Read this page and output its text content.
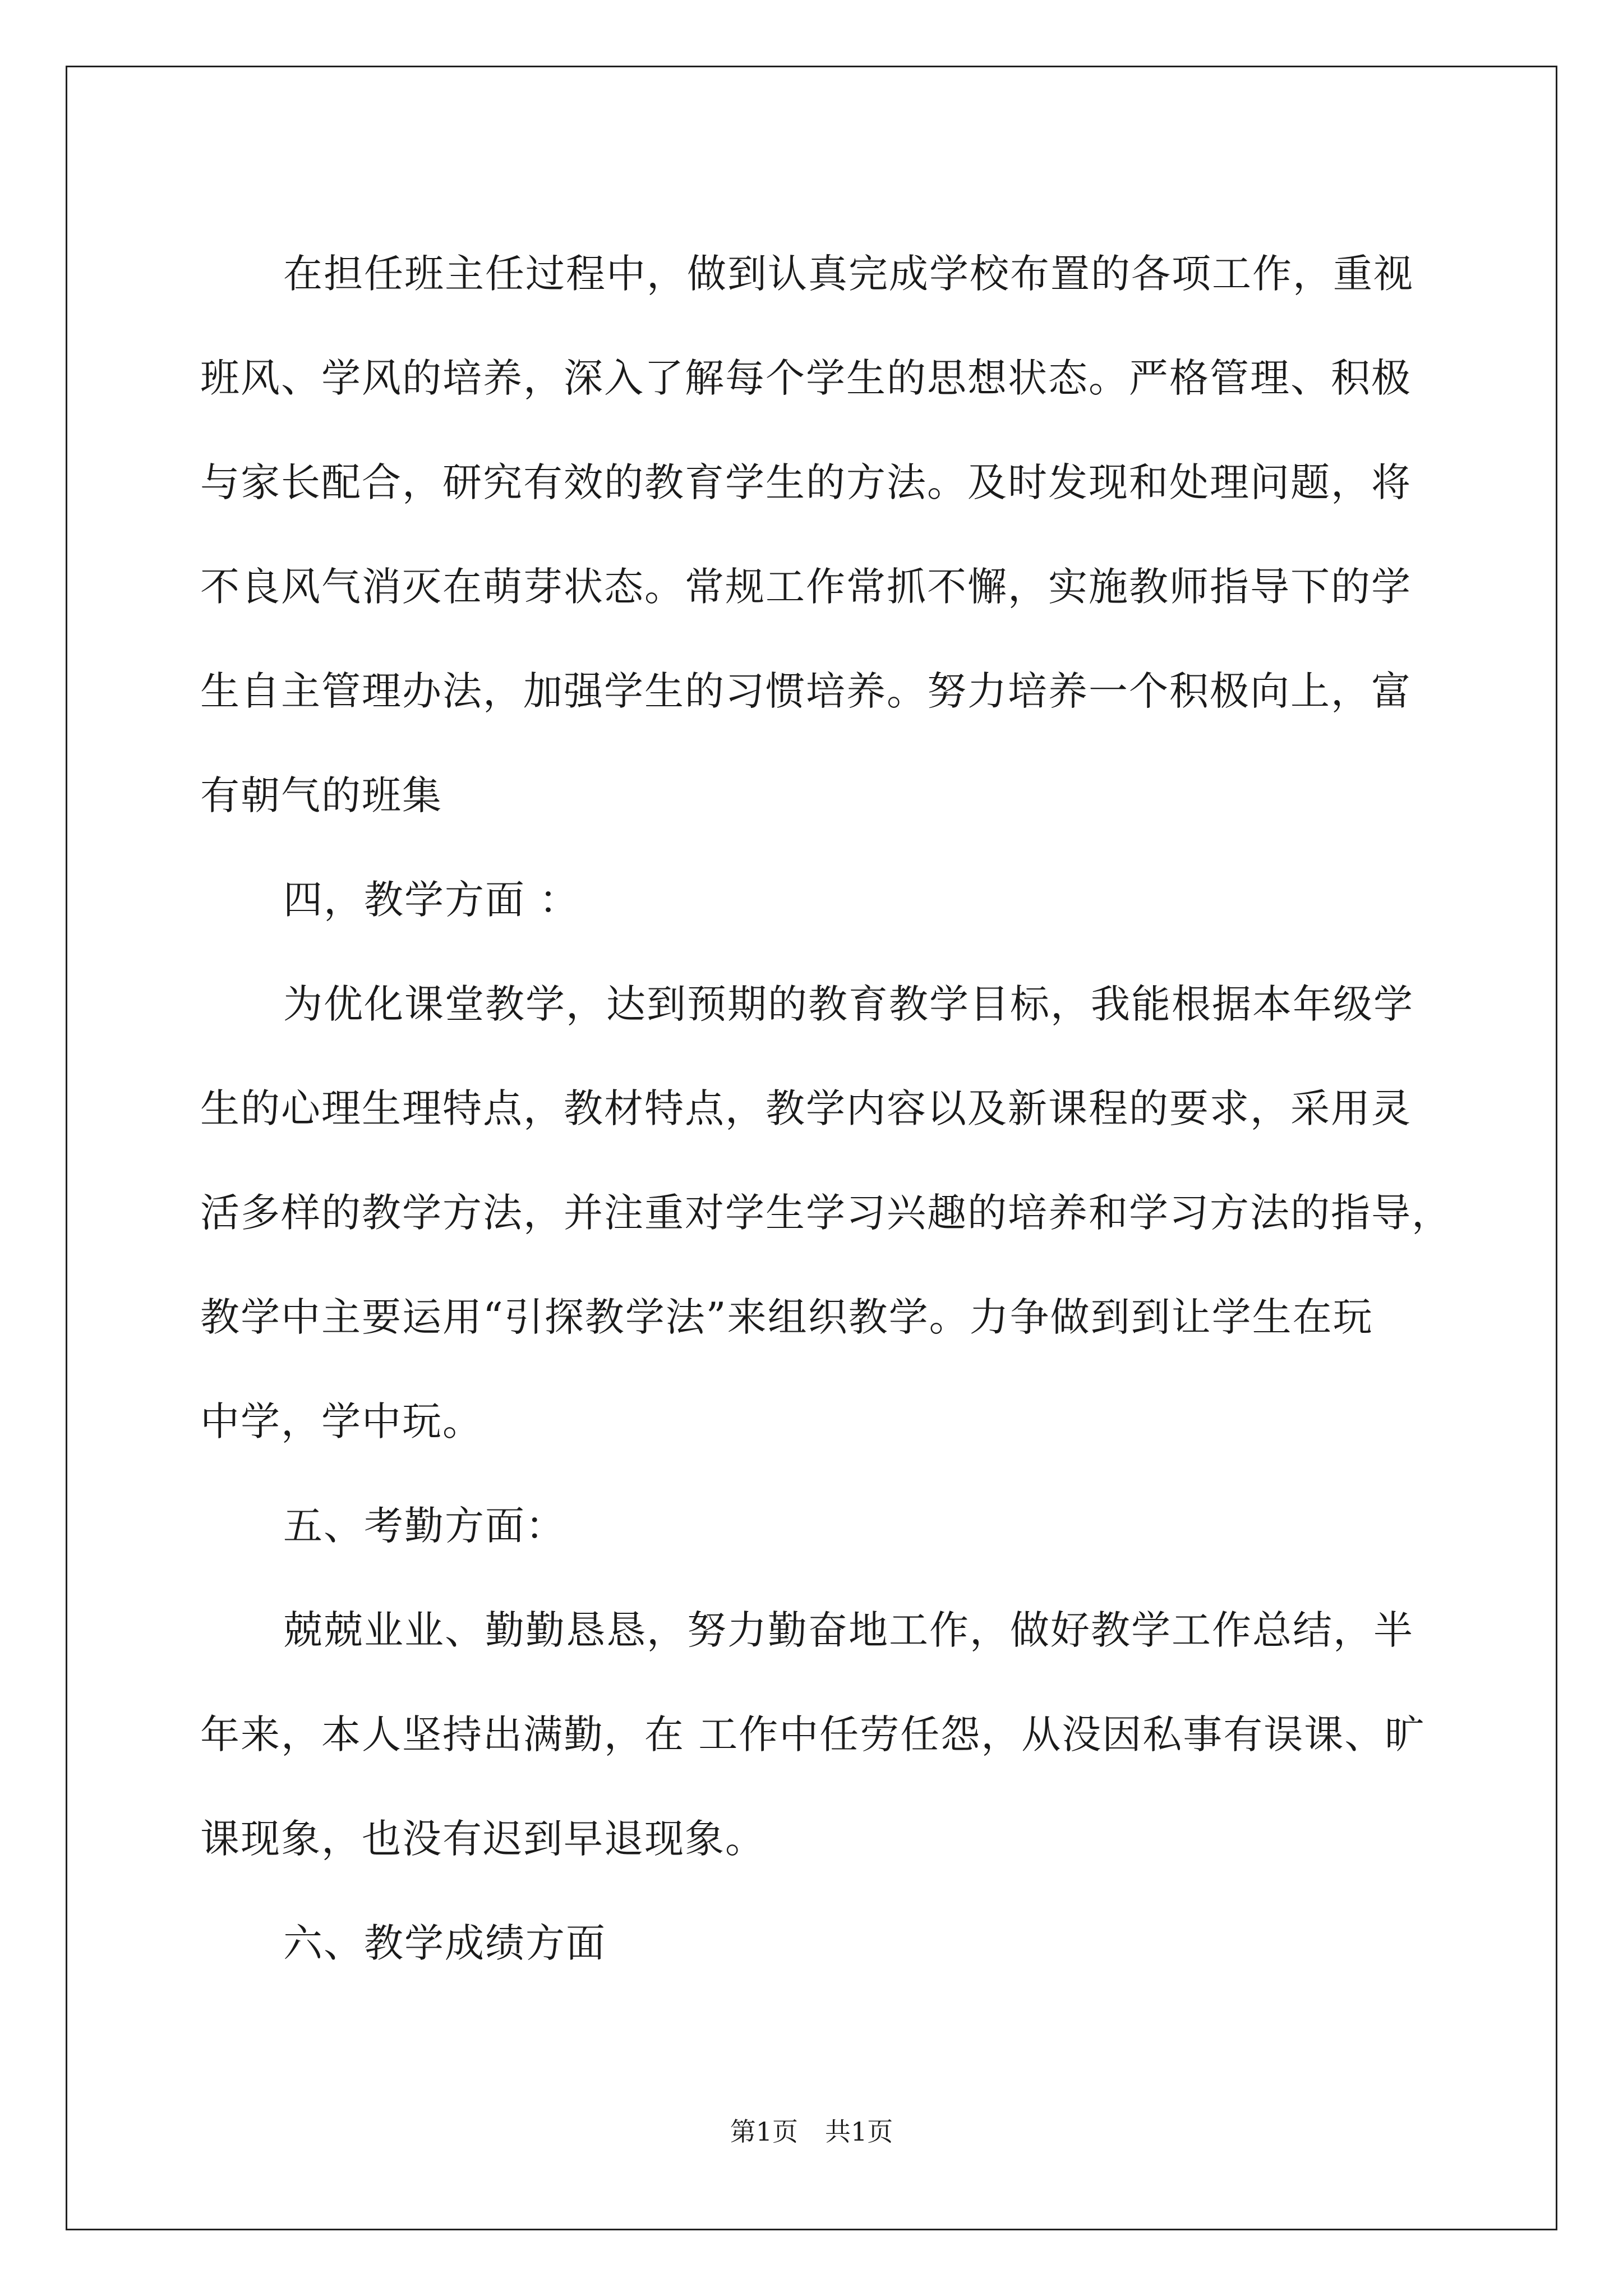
在担任班主任过程中，做到认真完成学校布置的各项工作，重视
班风、学风的培养，深入了解每个学生的思想状态。严格管理、积极
与家长配合，研究有效的教育学生的方法。及时发现和处理问题，将
不良风气消灭在萌芽状态。常规工作常抓不懈，实施教师指导下的学
生自主管理办法，加强学生的习惯培养。努力培养一个积极向上，富
有朝气的班集

四，教学方面 ：

为优化课堂教学，达到预期的教育教学目标，我能根据本年级学
生的心理生理特点，教材特点，教学内容以及新课程的要求，采用灵
活多样的教学方法，并注重对学生学习兴趣的培养和学习方法的指导，
教学中主要运用“引探教学法”来组织教学。力争做到到让学生在玩
中学，学中玩。

五、考勤方面：

兢兢业业、勤勤恳恳，努力勤奋地工作，做好教学工作总结，半
年来，本人坚持出满勤，在 工作中任劳任怨，从没因私事有误课、旷
课现象，也没有迟到早退现象。

六、教学成绩方面

第1页 共1页
